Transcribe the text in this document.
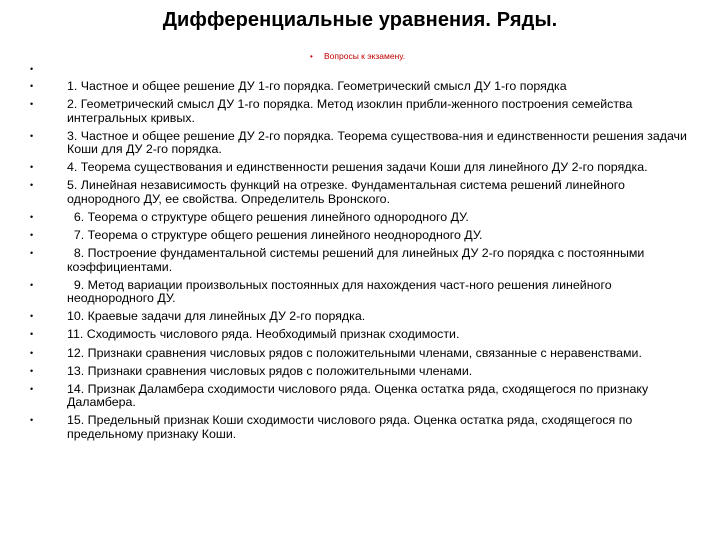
Дифференциальные уравнения. Ряды.
• Вопросы к экзамену.
•
•	1. Частное и общее решение ДУ 1-го порядка. Геометрический смысл ДУ 1-го порядка
•	2. Геометрический смысл ДУ 1-го порядка. Метод изоклин прибли-женного построения семейства интегральных кривых.
•	3. Частное и общее решение ДУ 2-го порядка. Теорема существова-ния и единственности решения задачи Коши для ДУ 2-го порядка.
•	4. Теорема существования и единственности решения задачи Коши для линейного ДУ 2-го порядка.
•	5. Линейная независимость функций на отрезке. Фундаментальная система решений линейного однородного ДУ, ее свойства. Определитель Вронского.
•	6. Теорема о структуре общего решения линейного однородного ДУ.
•	7. Теорема о структуре общего решения линейного неоднородного ДУ.
•	8. Построение фундаментальной системы решений для линейных ДУ 2-го порядка с постоянными коэффициентами.
•	9. Метод вариации произвольных постоянных для нахождения част-ного решения линейного неоднородного ДУ.
•	10. Краевые задачи для линейных ДУ 2-го порядка.
•	11. Сходимость числового ряда. Необходимый признак сходимости.
•	12. Признаки сравнения числовых рядов с положительными членами, связанные с неравенствами.
•	13. Признаки сравнения числовых рядов с положительными членами.
•	14. Признак Даламбера сходимости числового ряда. Оценка остатка ряда, сходящегося по признаку Даламбера.
•	15. Предельный признак Коши сходимости числового ряда. Оценка остатка ряда, сходящегося по предельному признаку Коши.
